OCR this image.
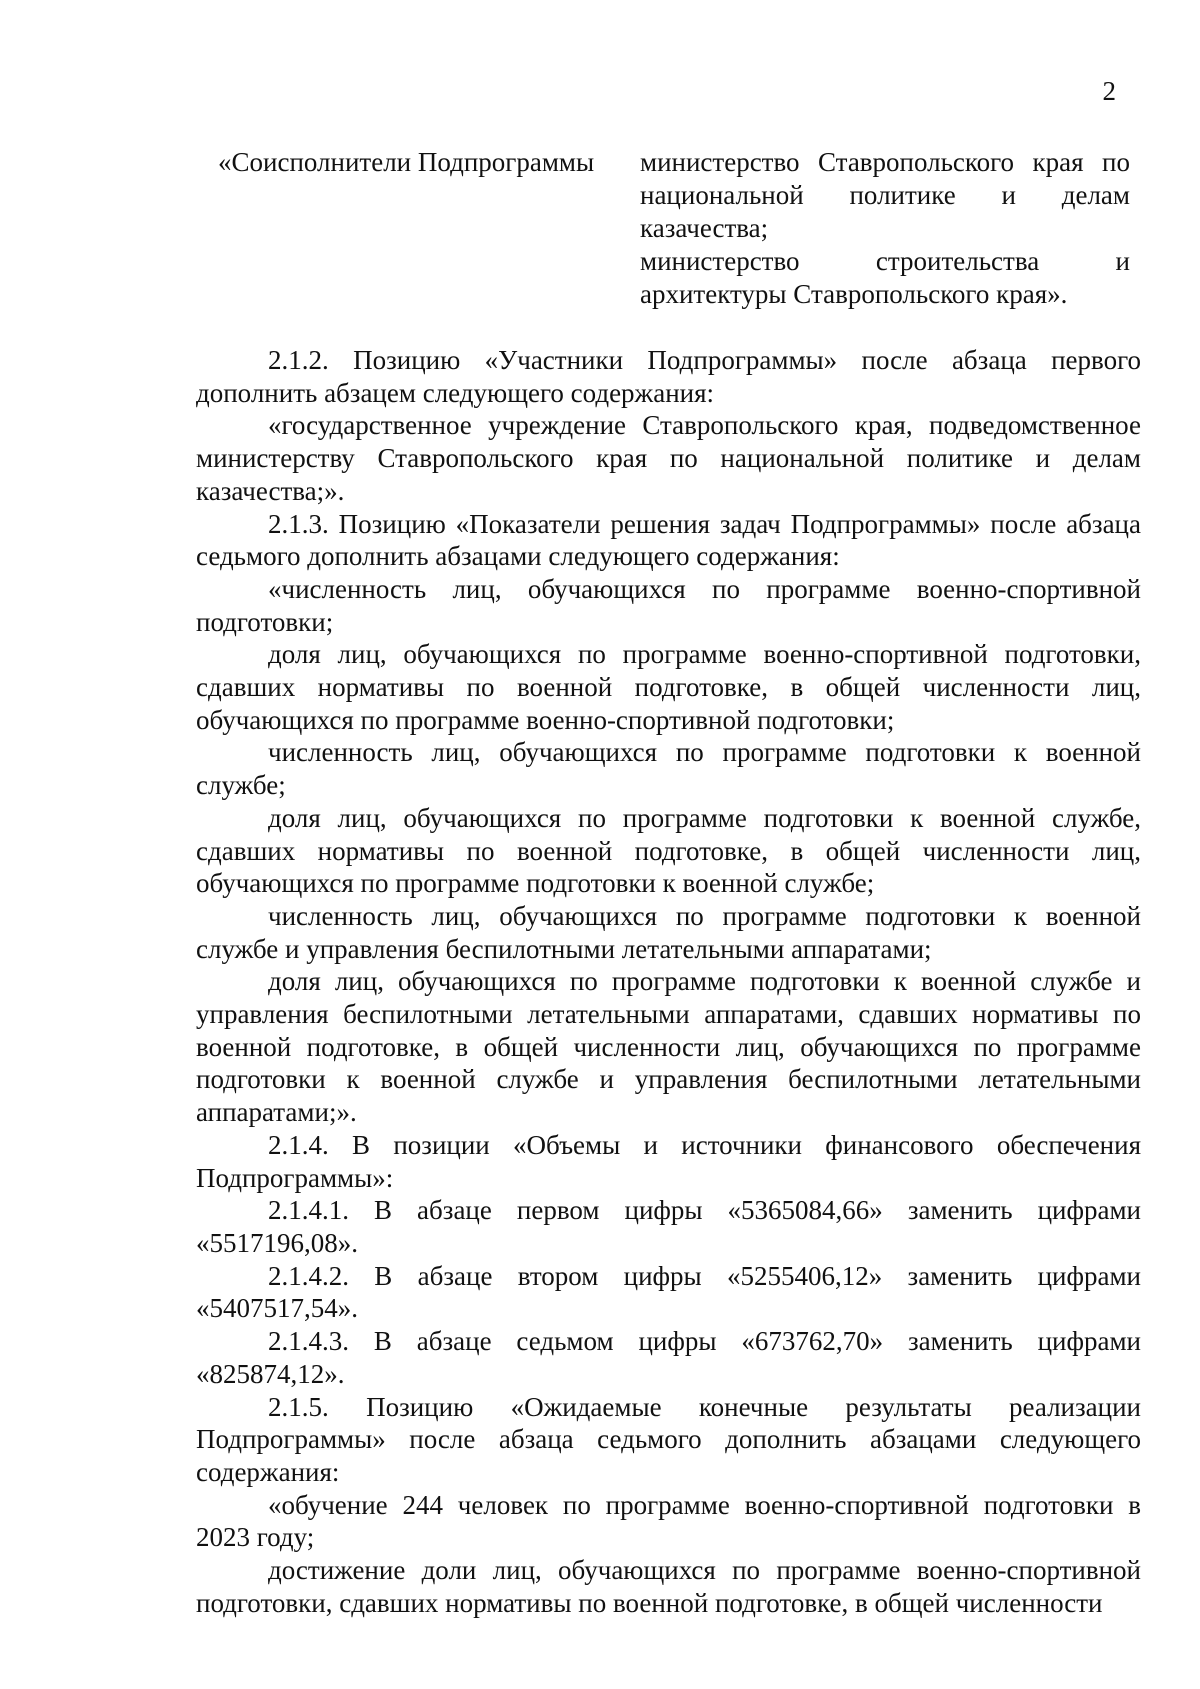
2
«Соисполнители Подпрограммы министерство Ставропольского края по национальной политике и делам казачества;

министерство строительства и архитектуры Ставропольского края».

2.1.2. Позицию «Участники Подпрограммы» после абзаца первого дополнить абзацем следующего содержания:

«государственное учреждение Ставропольского края, подведомственное министерству Ставропольского края по национальной политике и делам казачества;».

2.1.3. Позицию «Показатели решения задач Подпрограммы» после абзаца седьмого дополнить абзацами следующего содержания:

«численность лиц, обучающихся по программе военно-спортивной подготовки;

доля лиц, обучающихся по программе военно-спортивной подготовки, сдавших нормативы по военной подготовке, в общей численности лиц, обучающихся по программе военно-спортивной подготовки;

численность лиц, обучающихся по программе подготовки к военной службе;

доля лиц, обучающихся по программе подготовки к военной службе, сдавших нормативы по военной подготовке, в общей численности лиц, обучающихся по программе подготовки к военной службе;

численность лиц, обучающихся по программе подготовки к военной службе и управления беспилотными летательными аппаратами;

доля лиц, обучающихся по программе подготовки к военной службе и управления беспилотными летательными аппаратами, сдавших нормативы по военной подготовке, в общей численности лиц, обучающихся по программе подготовки к военной службе и управления беспилотными летательными аппаратами;».

2.1.4. В позиции «Объемы и источники финансового обеспечения Подпрограммы»:

2.1.4.1. В абзаце первом цифры «5365084,66» заменить цифрами «5517196,08».

2.1.4.2. В абзаце втором цифры «5255406,12» заменить цифрами «5407517,54».

2.1.4.3. В абзаце седьмом цифры «673762,70» заменить цифрами «825874,12».

2.1.5. Позицию «Ожидаемые конечные результаты реализации Подпрограммы» после абзаца седьмого дополнить абзацами следующего содержания:

«обучение 244 человек по программе военно-спортивной подготовки в 2023 году;

достижение доли лиц, обучающихся по программе военно-спортивной подготовки, сдавших нормативы по военной подготовке, в общей численности
